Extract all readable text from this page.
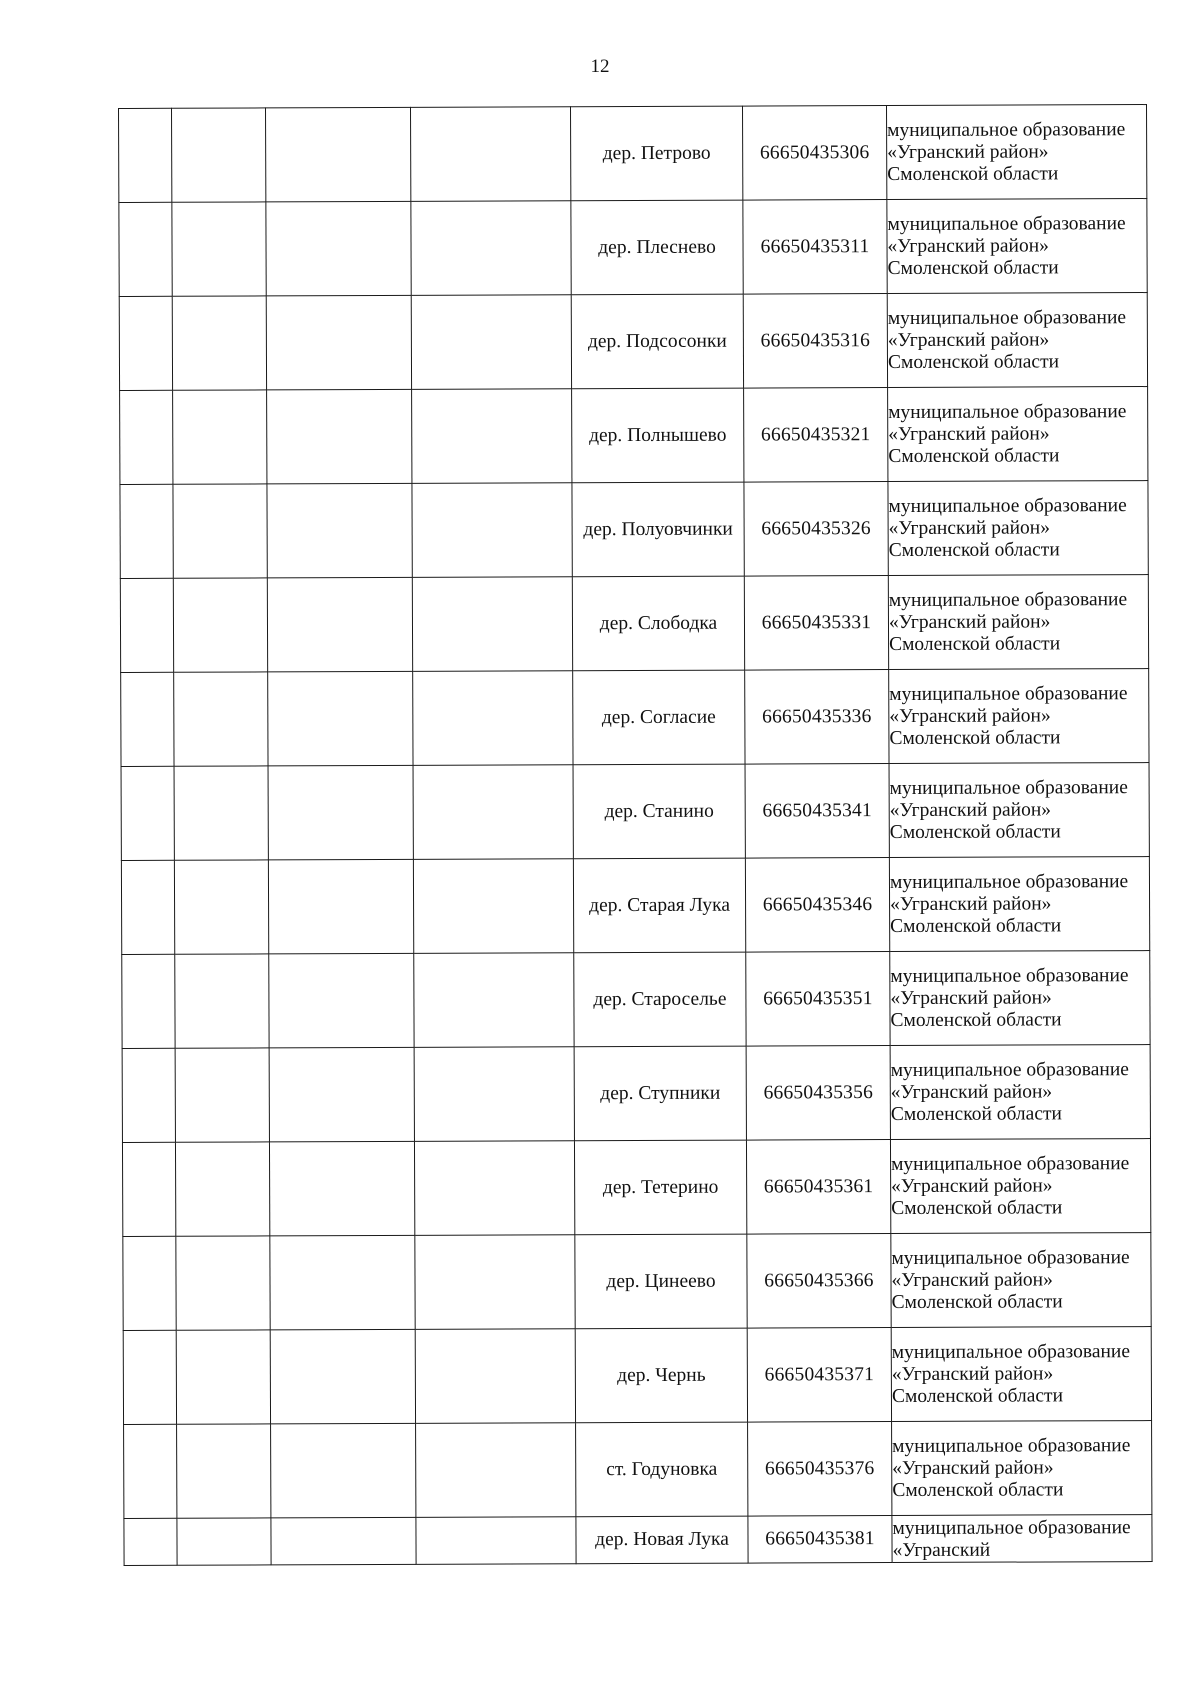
12
				дер. Петрово	66650435306	муниципальное образование «Угранский район» Смоленской области
				дер. Плеснево	66650435311	муниципальное образование «Угранский район» Смоленской области
				дер. Подсосонки	66650435316	муниципальное образование «Угранский район» Смоленской области
				дер. Полнышево	66650435321	муниципальное образование «Угранский район» Смоленской области
				дер. Полуовчинки	66650435326	муниципальное образование «Угранский район» Смоленской области
				дер. Слободка	66650435331	муниципальное образование «Угранский район» Смоленской области
				дер. Согласие	66650435336	муниципальное образование «Угранский район» Смоленской области
				дер. Станино	66650435341	муниципальное образование «Угранский район» Смоленской области
				дер. Старая Лука	66650435346	муниципальное образование «Угранский район» Смоленской области
				дер. Староселье	66650435351	муниципальное образование «Угранский район» Смоленской области
				дер. Ступники	66650435356	муниципальное образование «Угранский район» Смоленской области
				дер. Тетерино	66650435361	муниципальное образование «Угранский район» Смоленской области
				дер. Цинеево	66650435366	муниципальное образование «Угранский район» Смоленской области
				дер. Чернь	66650435371	муниципальное образование «Угранский район» Смоленской области
				ст. Годуновка	66650435376	муниципальное образование «Угранский район» Смоленской области
				дер. Новая Лука	66650435381	муниципальное образование «Угранский
